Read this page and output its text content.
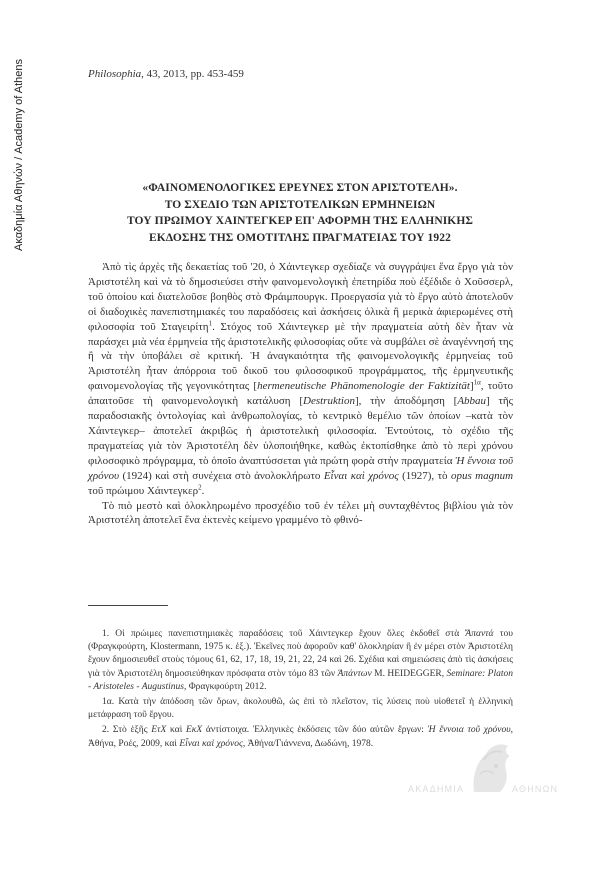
Ακαδημία Αθηνών / Academy of Athens	Philosophia, 43, 2013, pp. 453-459
«ΦΑΙΝΟΜΕΝΟΛΟΓΙΚΕΣ ΕΡΕΥΝΕΣ ΣΤΟΝ ΑΡΙΣΤΟΤΕΛΗ».
ΤΟ ΣΧΕΔΙΟ ΤΩΝ ΑΡΙΣΤΟΤΕΛΙΚΩΝ ΕΡΜΗΝΕΙΩΝ
ΤΟΥ ΠΡΩΙΜΟΥ ΧΑΙΝΤΕΓΚΕΡ ΕΠ' ΑΦΟΡΜΗ ΤΗΣ ΕΛΛΗΝΙΚΗΣ
ΕΚΔΟΣΗΣ ΤΗΣ ΟΜΟΤΙΤΛΗΣ ΠΡΑΓΜΑΤΕΙΑΣ ΤΟΥ 1922

Ἀπὸ τὶς ἀρχὲς τῆς δεκαετίας τοῦ '20, ὁ Χάιντεγκερ σχεδίαζε νὰ συγγράψει ἕνα ἔργο γιὰ τὸν Ἀριστοτέλη καὶ νὰ τὸ δημοσιεύσει στὴν φαινομενολογικὴ ἐπετηρίδα ποὺ ἐξέδιδε ὁ Χοῦσσερλ, τοῦ ὁποίου καὶ διατελοῦσε βοηθὸς στὸ Φράιμπουργκ. Προεργασία γιὰ τὸ ἔργο αὐτὸ ἀποτελοῦν οἱ διαδοχικὲς πανεπιστημιακές του παραδόσεις καὶ ἀσκήσεις ὁλικὰ ἢ μερικὰ ἀφιερωμένες στὴ φιλοσοφία τοῦ Σταγειρίτη$^1$. Στόχος τοῦ Χάιντεγκερ μὲ τὴν πραγματεία αὐτὴ δὲν ἦταν νὰ παράσχει μιὰ νέα ἑρμηνεία τῆς ἀριστοτελικῆς φιλοσοφίας οὔτε νὰ συμβάλει σὲ ἀναγέννησή της ἢ νὰ τὴν ὑποβάλει σὲ κριτική. Ἡ ἀναγκαιότητα τῆς φαινομενολογικῆς ἑρμηνείας τοῦ Ἀριστοτέλη ἦταν ἀπόρροια τοῦ δικοῦ του φιλοσοφικοῦ προγράμματος, τῆς ἑρμηνευτικῆς φαινομενολογίας τῆς γεγονικότητας [hermeneutische Phänomenologie der Faktizität]$^{1\alpha}$, τοῦτο ἀπαιτοῦσε τὴ φαινομενολογικὴ κατάλυση [Destruktion], τὴν ἀποδόμηση [Abbau] τῆς παραδοσιακῆς ὀντολογίας καὶ ἀνθρωπολογίας, τὸ κεντρικὸ θεμέλιο τῶν ὁποίων –κατὰ τὸν Χάιντεγκερ– ἀποτελεῖ ἀκριβῶς ἡ ἀριστοτελικὴ φιλοσοφία. Ἐντούτοις, τὸ σχέδιο τῆς πραγματείας γιὰ τὸν Ἀριστοτέλη δὲν ὑλοποιήθηκε, καθὼς ἐκτοπίσθηκε ἀπὸ τὸ περὶ χρόνου φιλοσοφικὸ πρόγραμμα, τὸ ὁποῖο ἀναπτύσσεται γιὰ πρώτη φορὰ στὴν πραγματεία Ἡ ἔννοια τοῦ χρόνου (1924) καὶ στὴ συνέχεια στὸ ἀνολοκλήρωτο Εἶναι καὶ χρόνος (1927), τὸ opus magnum τοῦ πρώιμου Χάιντεγκερ$^2$.

Τὸ πιὸ μεστὸ καὶ ὁλοκληρωμένο προσχέδιο τοῦ ἐν τέλει μὴ συνταχθέντος βιβλίου γιὰ τὸν Ἀριστοτέλη ἀποτελεῖ ἕνα ἐκτενὲς κείμενο γραμμένο τὸ φθινό-

1. Οἱ πρώιμες πανεπιστημιακὲς παραδόσεις τοῦ Χάιντεγκερ ἔχουν ὅλες ἐκδοθεῖ στὰ Ἅπαντά του (Φραγκφούρτη, Klostermann, 1975 κ. ἑξ.). Ἐκεῖνες ποὺ ἀφοροῦν καθ' ὁλοκληρίαν ἢ ἐν μέρει στὸν Ἀριστοτέλη ἔχουν δημοσιευθεῖ στοὺς τόμους 61, 62, 17, 18, 19, 21, 22, 24 καὶ 26. Σχέδια καὶ σημειώσεις ἀπὸ τὶς ἀσκήσεις γιὰ τὸν Ἀριστοτέλη δημοσιεύθηκαν πρόσφατα στὸν τόμο 83 τῶν Ἁπάντων M. HEIDEGGER, Seminare: Platon - Aristoteles - Augustinus, Φραγκφούρτη 2012.

1α. Κατὰ τὴν ἀπόδοση τῶν ὅρων, ἀκολουθῶ, ὡς ἐπὶ τὸ πλεῖστον, τὶς λύσεις ποὺ υἱοθετεῖ ἡ ἑλληνικὴ μετάφραση τοῦ ἔργου.

2. Στὸ ἑξῆς ΕτΧ καὶ ΕκΧ ἀντίστοιχα. Ἑλληνικὲς ἐκδόσεις τῶν δύο αὐτῶν ἔργων: Ἡ ἔννοια τοῦ χρόνου, Ἀθήνα, Ροές, 2009, καὶ Εἶναι καὶ χρόνος, Ἀθήνα/Γιάννενα, Δωδώνη, 1978.

ΑΚΑΔΗΜΙΑ	ΑΘΗΝΩΝ
